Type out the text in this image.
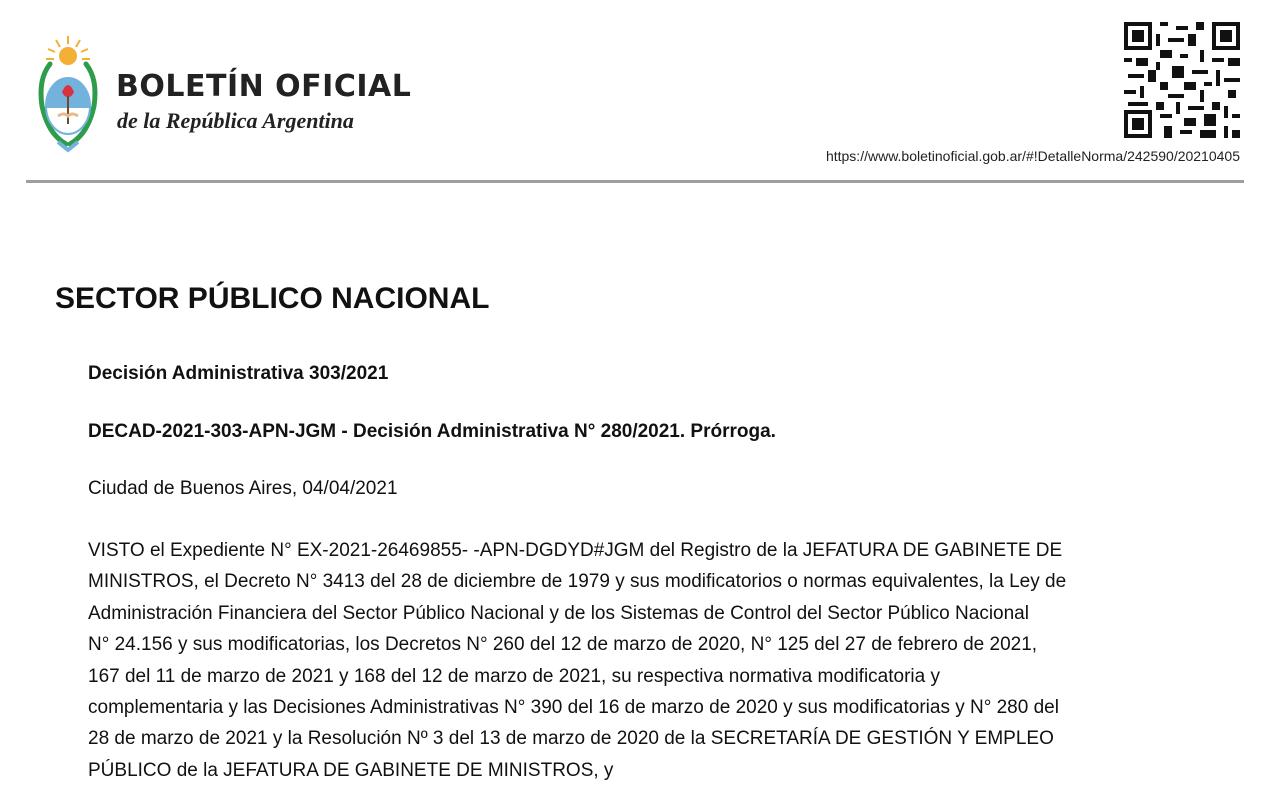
BOLETÍN OFICIAL

de la República Argentina

https://www.boletinoficial.gob.ar/#!DetalleNorma/242590/20210405

SECTOR PÚBLICO NACIONAL

Decisión Administrativa 303/2021

DECAD-2021-303-APN-JGM - Decisión Administrativa N° 280/2021. Prórroga.

Ciudad de Buenos Aires, 04/04/2021

VISTO el Expediente N° EX-2021-26469855- -APN-DGDYD#JGM del Registro de la JEFATURA DE GABINETE DE
MINISTROS, el Decreto N° 3413 del 28 de diciembre de 1979 y sus modificatorios o normas equivalentes, la Ley de
Administración Financiera del Sector Público Nacional y de los Sistemas de Control del Sector Público Nacional
N° 24.156 y sus modificatorias, los Decretos N° 260 del 12 de marzo de 2020, N° 125 del 27 de febrero de 2021,
167 del 11 de marzo de 2021 y 168 del 12 de marzo de 2021, su respectiva normativa modificatoria y
complementaria y las Decisiones Administrativas N° 390 del 16 de marzo de 2020 y sus modificatorias y N° 280 del
28 de marzo de 2021 y la Resolución Nº 3 del 13 de marzo de 2020 de la SECRETARÍA DE GESTIÓN Y EMPLEO
PÚBLICO de la JEFATURA DE GABINETE DE MINISTROS, y
